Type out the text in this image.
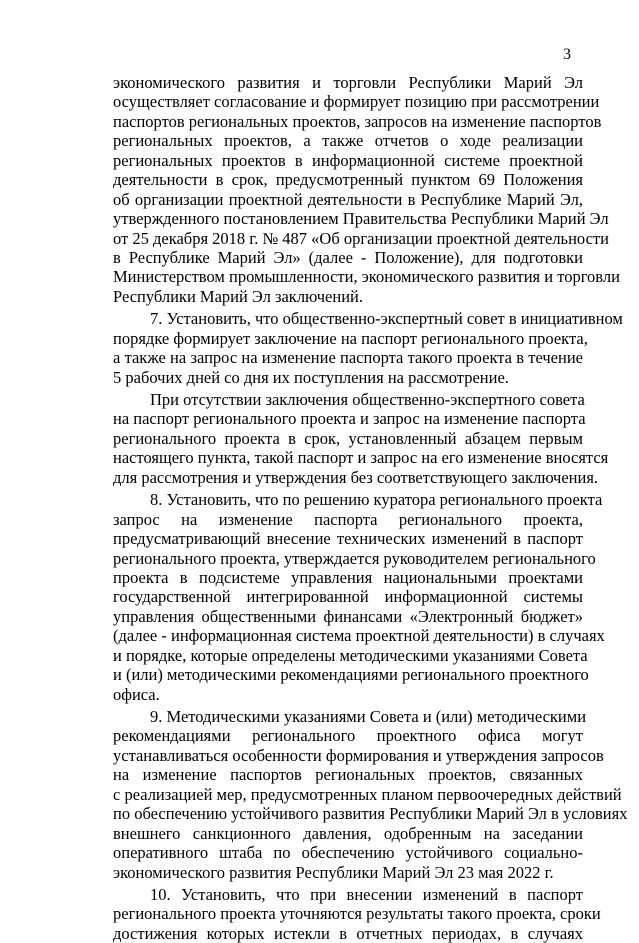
3
экономического развития и торговли Республики Марий Эл
осуществляет согласование и формирует позицию при рассмотрении
паспортов региональных проектов, запросов на изменение паспортов
региональных проектов, а также отчетов о ходе реализации
региональных проектов в информационной системе проектной
деятельности в срок, предусмотренный пунктом 69 Положения
об организации проектной деятельности в Республике Марий Эл,
утвержденного постановлением Правительства Республики Марий Эл
от 25 декабря 2018 г. № 487 «Об организации проектной деятельности
в Республике Марий Эл» (далее - Положение), для подготовки
Министерством промышленности, экономического развития и торговли
Республики Марий Эл заключений.
7. Установить, что общественно-экспертный совет в инициативном
порядке формирует заключение на паспорт регионального проекта,
а также на запрос на изменение паспорта такого проекта в течение
5 рабочих дней со дня их поступления на рассмотрение.
При отсутствии заключения общественно-экспертного совета
на паспорт регионального проекта и запрос на изменение паспорта
регионального проекта в срок, установленный абзацем первым
настоящего пункта, такой паспорт и запрос на его изменение вносятся
для рассмотрения и утверждения без соответствующего заключения.
8. Установить, что по решению куратора регионального проекта
запрос на изменение паспорта регионального проекта,
предусматривающий внесение технических изменений в паспорт
регионального проекта, утверждается руководителем регионального
проекта в подсистеме управления национальными проектами
государственной интегрированной информационной системы
управления общественными финансами «Электронный бюджет»
(далее - информационная система проектной деятельности) в случаях
и порядке, которые определены методическими указаниями Совета
и (или) методическими рекомендациями регионального проектного
офиса.
9. Методическими указаниями Совета и (или) методическими
рекомендациями регионального проектного офиса могут
устанавливаться особенности формирования и утверждения запросов
на изменение паспортов региональных проектов, связанных
с реализацией мер, предусмотренных планом первоочередных действий
по обеспечению устойчивого развития Республики Марий Эл в условиях
внешнего санкционного давления, одобренным на заседании
оперативного штаба по обеспечению устойчивого социально-
экономического развития Республики Марий Эл 23 мая 2022 г.
10. Установить, что при внесении изменений в паспорт
регионального проекта уточняются результаты такого проекта, сроки
достижения которых истекли в отчетных периодах, в случаях
